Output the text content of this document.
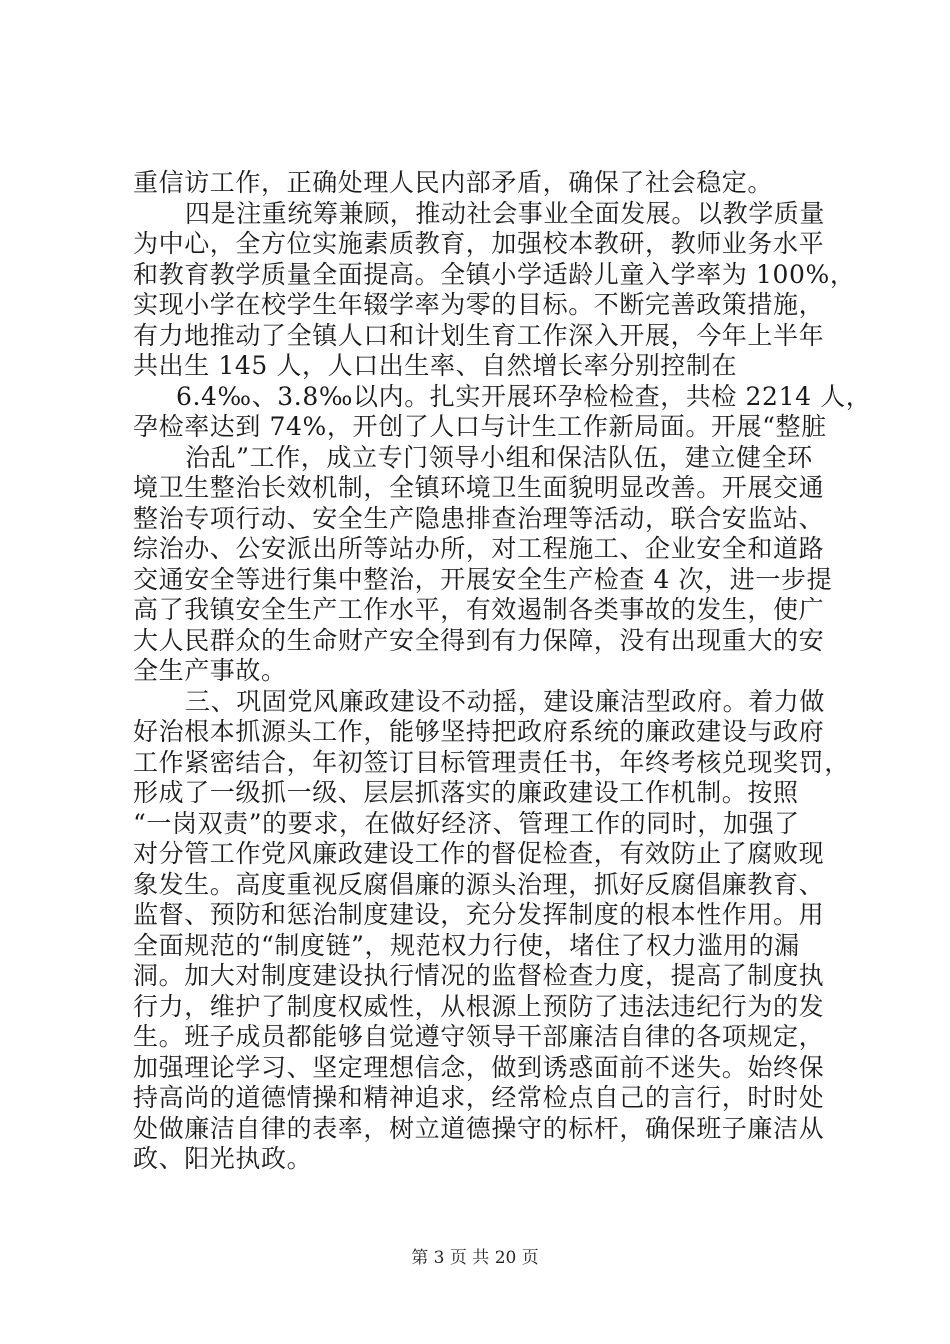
重信访工作，正确处理人民内部矛盾，确保了社会稳定。
四是注重统筹兼顾，推动社会事业全面发展。以教学质量
为中心，全方位实施素质教育，加强校本教研，教师业务水平
和教育教学质量全面提高。全镇小学适龄儿童入学率为 100%，
实现小学在校学生年辍学率为零的目标。不断完善政策措施，
有力地推动了全镇人口和计划生育工作深入开展，今年上半年
共出生 145 人，人口出生率、自然增长率分别控制在
6.4‰、3.8‰以内。扎实开展环孕检检查，共检 2214 人，
孕检率达到 74%，开创了人口与计生工作新局面。开展“整脏
治乱”工作，成立专门领导小组和保洁队伍，建立健全环
境卫生整治长效机制，全镇环境卫生面貌明显改善。开展交通
整治专项行动、安全生产隐患排查治理等活动，联合安监站、
综治办、公安派出所等站办所，对工程施工、企业安全和道路
交通安全等进行集中整治，开展安全生产检查 4 次，进一步提
高了我镇安全生产工作水平，有效遏制各类事故的发生，使广
大人民群众的生命财产安全得到有力保障，没有出现重大的安
全生产事故。
三、巩固党风廉政建设不动摇，建设廉洁型政府。着力做
好治根本抓源头工作，能够坚持把政府系统的廉政建设与政府
工作紧密结合，年初签订目标管理责任书，年终考核兑现奖罚，
形成了一级抓一级、层层抓落实的廉政建设工作机制。按照
“一岗双责”的要求，在做好经济、管理工作的同时，加强了
对分管工作党风廉政建设工作的督促检查，有效防止了腐败现
象发生。高度重视反腐倡廉的源头治理，抓好反腐倡廉教育、
监督、预防和惩治制度建设，充分发挥制度的根本性作用。用
全面规范的“制度链”，规范权力行使，堵住了权力滥用的漏
洞。加大对制度建设执行情况的监督检查力度，提高了制度执
行力，维护了制度权威性，从根源上预防了违法违纪行为的发
生。班子成员都能够自觉遵守领导干部廉洁自律的各项规定，
加强理论学习、坚定理想信念，做到诱惑面前不迷失。始终保
持高尚的道德情操和精神追求，经常检点自己的言行，时时处
处做廉洁自律的表率，树立道德操守的标杆，确保班子廉洁从
政、阳光执政。
第 3 页 共 20 页
